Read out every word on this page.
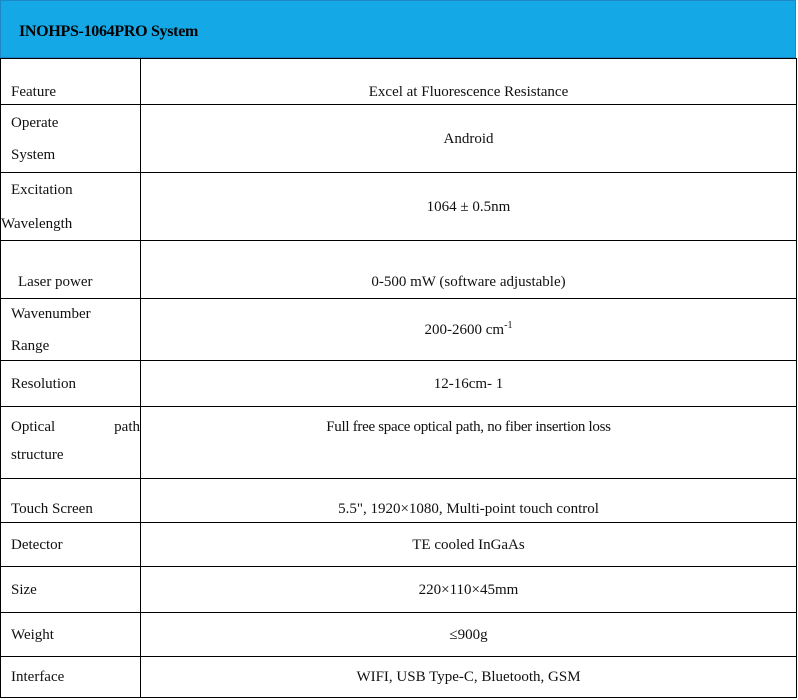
INOHPS-1064PRO System
Feature	Excel at Fluorescence Resistance

Operate
System	Android

Excitation
Wavelength	1064 ± 0.5nm

Laser power	0-500 mW (software adjustable)

Wavenumber
Range	200-2600 $cm^{-1}$

Resolution	12-16cm- 1

Optical path
structure	Full free space optical path, no fiber insertion loss

Touch Screen	5.5", 1920×1080, Multi-point touch control

Detector	TE cooled InGaAs

Size	220×110×45mm

Weight	≤900g

Interface	WIFI, USB Type-C, Bluetooth, GSM
